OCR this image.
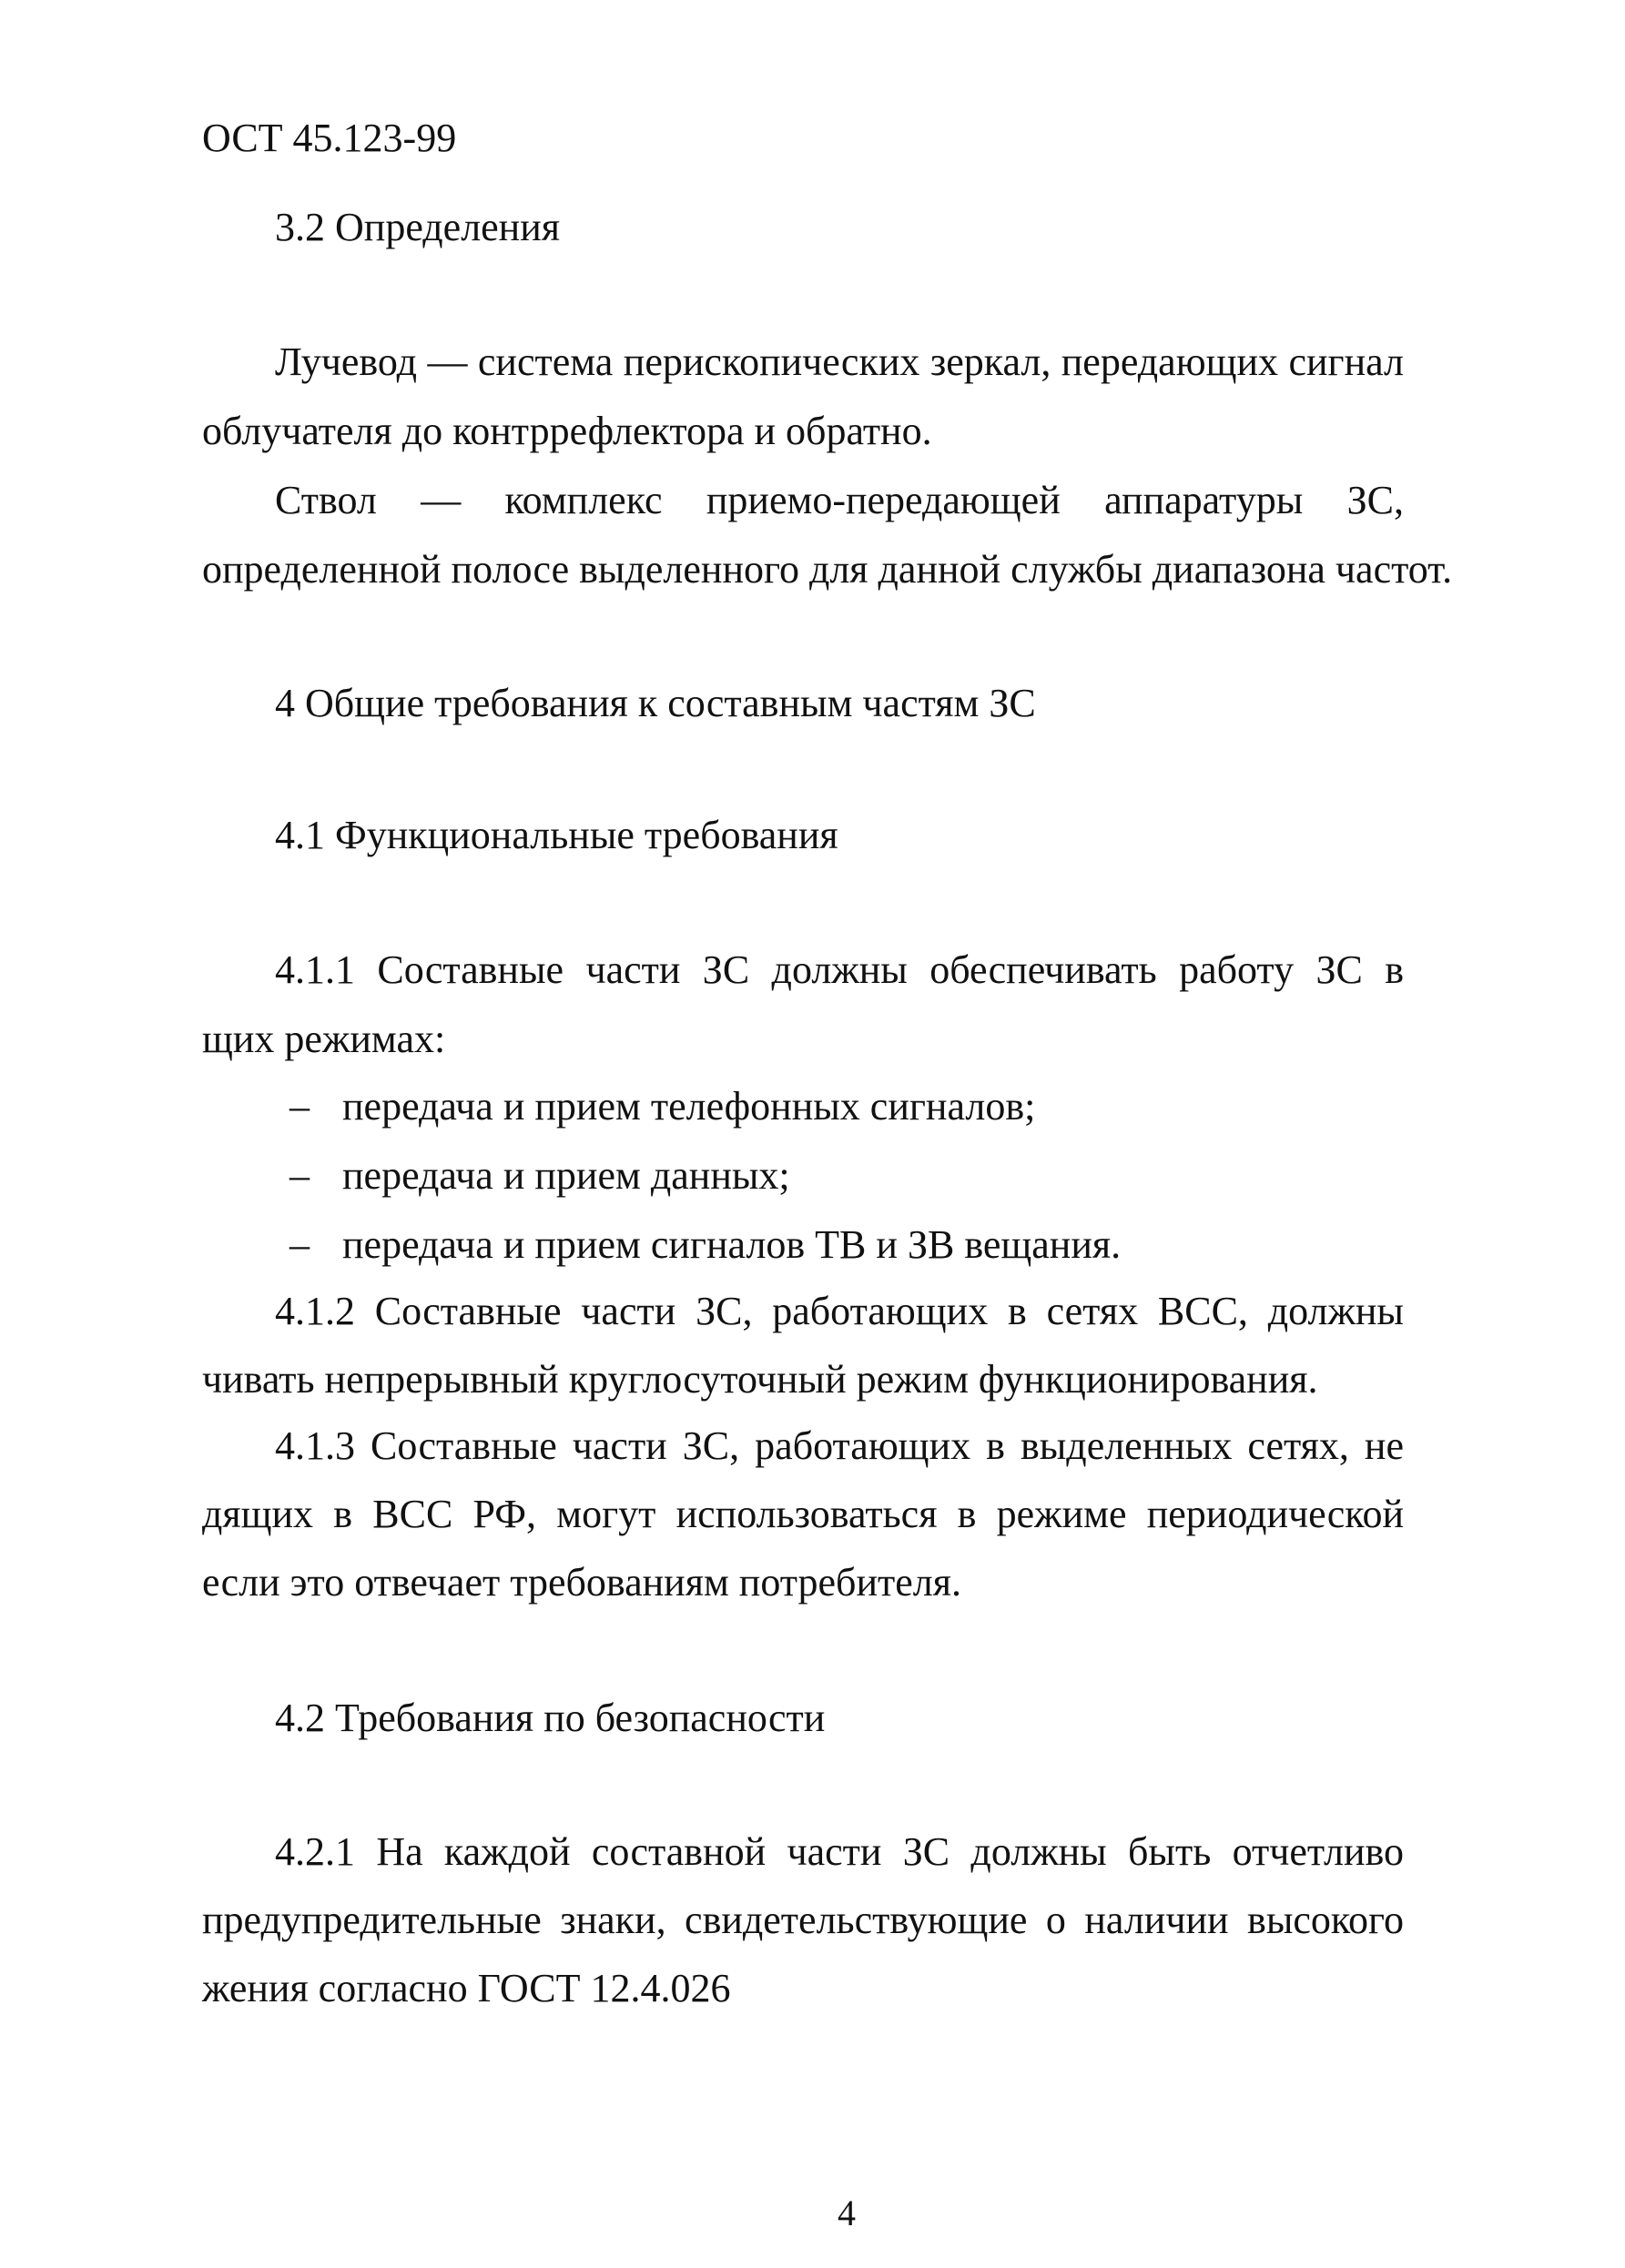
ОСТ 45.123-99
3.2 Определения
Лучевод — система перископических зеркал, передающих сигнал
облучателя до контррефлектора и обратно.
Ствол — комплекс приемо-передающей аппаратуры ЗС,
определенной полосе выделенного для данной службы диапазона частот.
4 Общие требования к составным частям ЗС
4.1 Функциональные требования
4.1.1 Составные части ЗС должны обеспечивать работу ЗС в
щих режимах:
– передача и прием телефонных сигналов;
– передача и прием данных;
– передача и прием сигналов ТВ и ЗВ вещания.
4.1.2 Составные части ЗС, работающих в сетях ВСС, должны
чивать непрерывный круглосуточный режим функционирования.
4.1.3 Составные части ЗС, работающих в выделенных сетях, не
дящих в ВСС РФ, могут использоваться в режиме периодической
если это отвечает требованиям потребителя.
4.2 Требования по безопасности
4.2.1 На каждой составной части ЗС должны быть отчетливо
предупредительные знаки, свидетельствующие о наличии высокого
жения согласно ГОСТ 12.4.026
4
